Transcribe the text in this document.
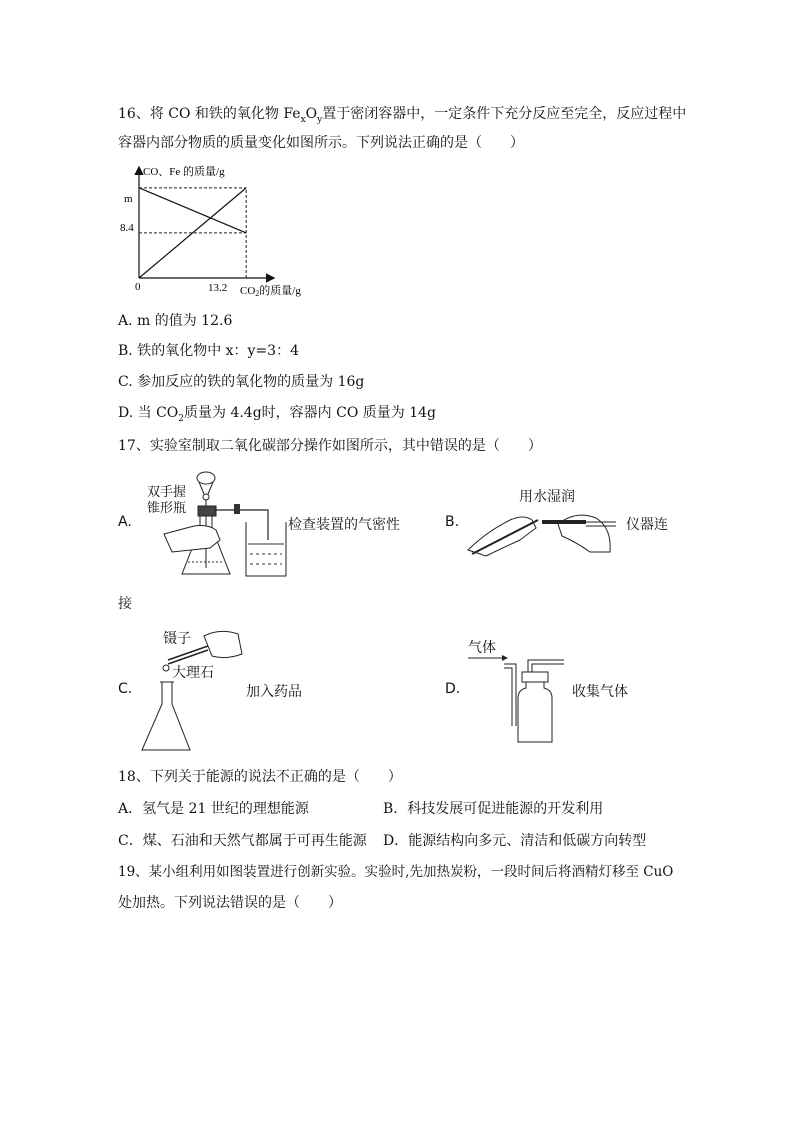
16、将 CO 和铁的氧化物 $Fe_xO_y$置于密闭容器中，一定条件下充分反应至完全，反应过程中
容器内部分物质的质量变化如图所示。下列说法正确的是（　　）
CO、Fe 的质量/g
m
8.4
0	13.2 CO2的质量/g
A. m 的值为 12.6
B. 铁的氧化物中 x：y=3：4
C. 参加反应的铁的氧化物的质量为 16g
D. 当 $CO_2$质量为 4.4g时，容器内 CO 质量为 14g
17、实验室制取二氧化碳部分操作如图所示，其中错误的是（　　）
A.
双手握
锥形瓶
检查装置的气密性	B.
用水湿润
仪器连
接
C.
镊子
大理石
加入药品	D.
气体
收集气体
18、下列关于能源的说法不正确的是（　　）
A．氢气是 21 世纪的理想能源	B．科技发展可促进能源的开发利用
C．煤、石油和天然气都属于可再生能源 D．能源结构向多元、清洁和低碳方向转型
19、某小组利用如图装置进行创新实验。实验时,先加热炭粉，一段时间后将酒精灯移至 CuO
处加热。下列说法错误的是（　　）
